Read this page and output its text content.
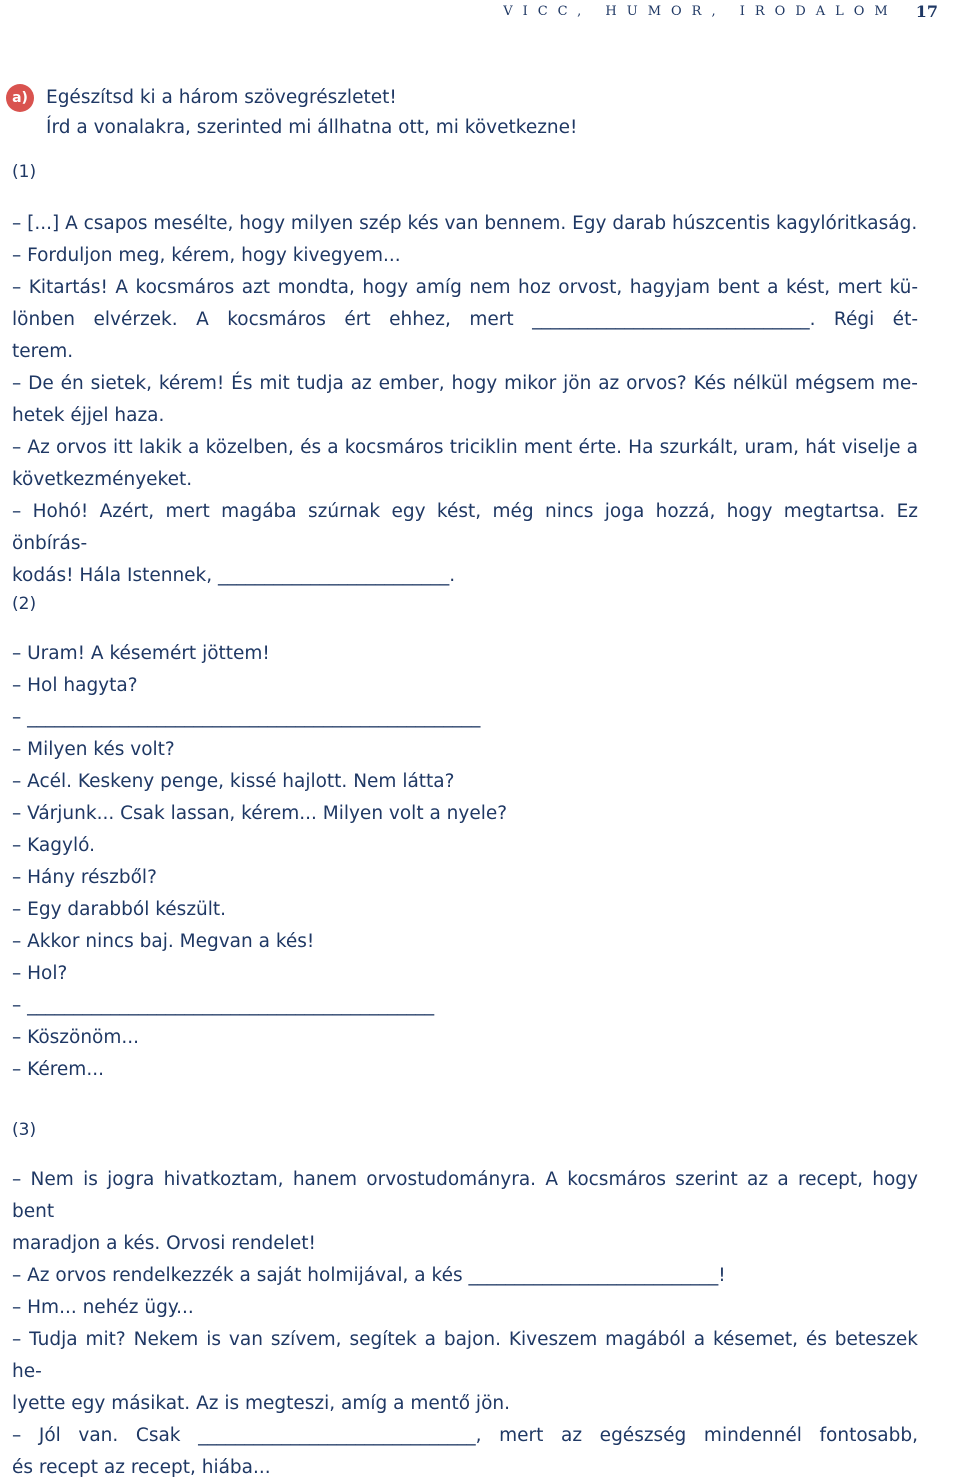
VICC, HUMOR, IRODALOM 17
a) Egészítsd ki a három szövegrészletet!
Írd a vonalakra, szerinted mi állhatna ott, mi következne!
(1)
– [...] A csapos mesélte, hogy milyen szép kés van bennem. Egy darab húszcentis kagylóritkaság.
– Forduljon meg, kérem, hogy kivegyem...
– Kitartás! A kocsmáros azt mondta, hogy amíg nem hoz orvost, hagyjam bent a kést, mert kü-
lönben elvérzek. A kocsmáros ért ehhez, mert ______________________________. Régi ét-
terem.
– De én sietek, kérem! És mit tudja az ember, hogy mikor jön az orvos? Kés nélkül mégsem me-
hetek éjjel haza.
– Az orvos itt lakik a közelben, és a kocsmáros triciklin ment érte. Ha szurkált, uram, hát viselje a
következményeket.
– Hohó! Azért, mert magába szúrnak egy kést, még nincs joga hozzá, hogy megtartsa. Ez önbírás-
kodás! Hála Istennek, _________________________.
(2)
– Uram! A késemért jöttem!
– Hol hagyta?
– _________________________________________________
– Milyen kés volt?
– Acél. Keskeny penge, kissé hajlott. Nem látta?
– Várjunk... Csak lassan, kérem... Milyen volt a nyele?
– Kagyló.
– Hány részből?
– Egy darabból készült.
– Akkor nincs baj. Megvan a kés!
– Hol?
– ____________________________________________
– Köszönöm...
– Kérem...
(3)
– Nem is jogra hivatkoztam, hanem orvostudományra. A kocsmáros szerint az a recept, hogy bent
maradjon a kés. Orvosi rendelet!
– Az orvos rendelkezzék a saját holmijával, a kés ___________________________!
– Hm... nehéz ügy...
– Tudja mit? Nekem is van szívem, segítek a bajon. Kiveszem magából a késemet, és beteszek he-
lyette egy másikat. Az is megteszi, amíg a mentő jön.
– Jól van. Csak ______________________________, mert az egészség mindennél fontosabb,
és recept az recept, hiába...
